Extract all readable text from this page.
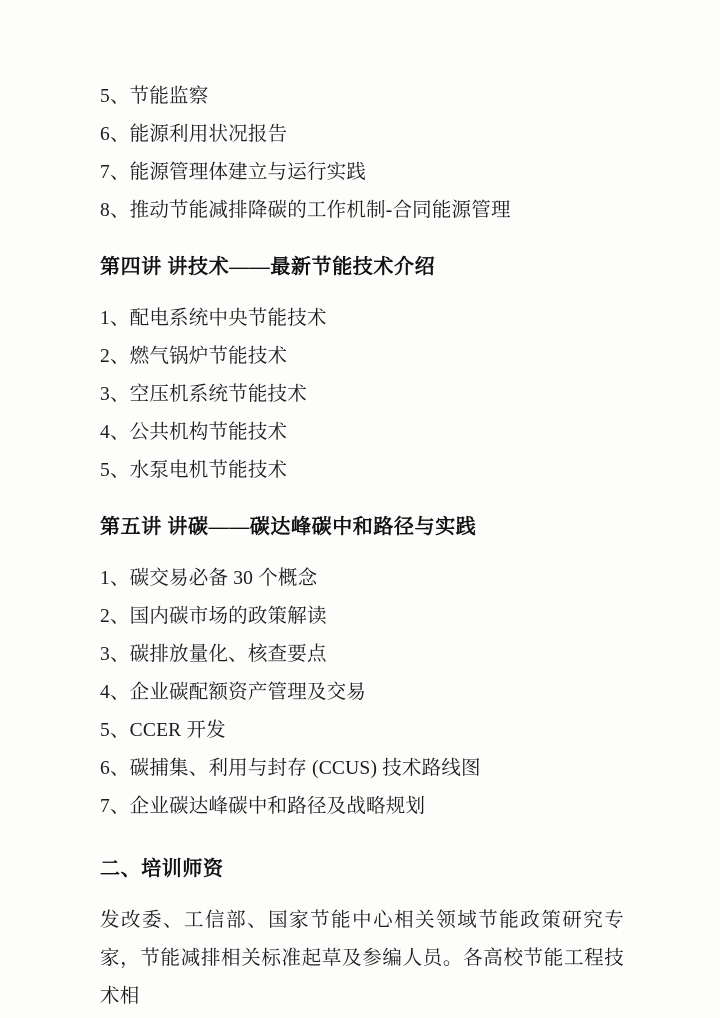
5、节能监察
6、能源利用状况报告
7、能源管理体建立与运行实践
8、推动节能减排降碳的工作机制-合同能源管理
第四讲 讲技术——最新节能技术介绍
1、配电系统中央节能技术
2、燃气锅炉节能技术
3、空压机系统节能技术
4、公共机构节能技术
5、水泵电机节能技术
第五讲 讲碳——碳达峰碳中和路径与实践
1、碳交易必备 30 个概念
2、国内碳市场的政策解读
3、碳排放量化、核查要点
4、企业碳配额资产管理及交易
5、CCER 开发
6、碳捕集、利用与封存 (CCUS) 技术路线图
7、企业碳达峰碳中和路径及战略规划
二、培训师资
发改委、工信部、国家节能中心相关领域节能政策研究专家，节能减排相关标准起草及参编人员。各高校节能工程技术相
